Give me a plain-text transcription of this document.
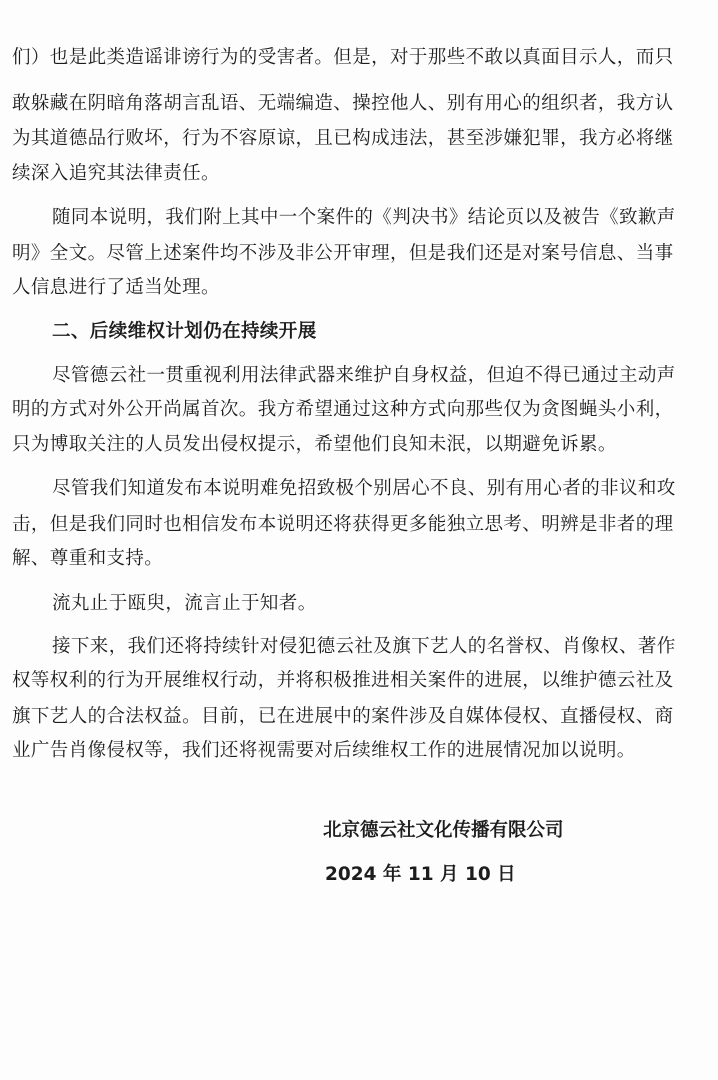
们）也是此类造谣诽谤行为的受害者。但是，对于那些不敢以真面目示人，而只
敢躲藏在阴暗角落胡言乱语、无端编造、操控他人、别有用心的组织者，我方认
为其道德品行败坏，行为不容原谅，且已构成违法，甚至涉嫌犯罪，我方必将继
续深入追究其法律责任。
随同本说明，我们附上其中一个案件的《判决书》结论页以及被告《致歉声
明》全文。尽管上述案件均不涉及非公开审理，但是我们还是对案号信息、当事
人信息进行了适当处理。
二、后续维权计划仍在持续开展
尽管德云社一贯重视利用法律武器来维护自身权益，但迫不得已通过主动声
明的方式对外公开尚属首次。我方希望通过这种方式向那些仅为贪图蝇头小利，
只为博取关注的人员发出侵权提示，希望他们良知未泯，以期避免诉累。
尽管我们知道发布本说明难免招致极个别居心不良、别有用心者的非议和攻
击，但是我们同时也相信发布本说明还将获得更多能独立思考、明辨是非者的理
解、尊重和支持。
流丸止于瓯臾，流言止于知者。
接下来，我们还将持续针对侵犯德云社及旗下艺人的名誉权、肖像权、著作
权等权利的行为开展维权行动，并将积极推进相关案件的进展，以维护德云社及
旗下艺人的合法权益。目前，已在进展中的案件涉及自媒体侵权、直播侵权、商
业广告肖像侵权等，我们还将视需要对后续维权工作的进展情况加以说明。
北京德云社文化传播有限公司
2024 年 11 月 10 日
